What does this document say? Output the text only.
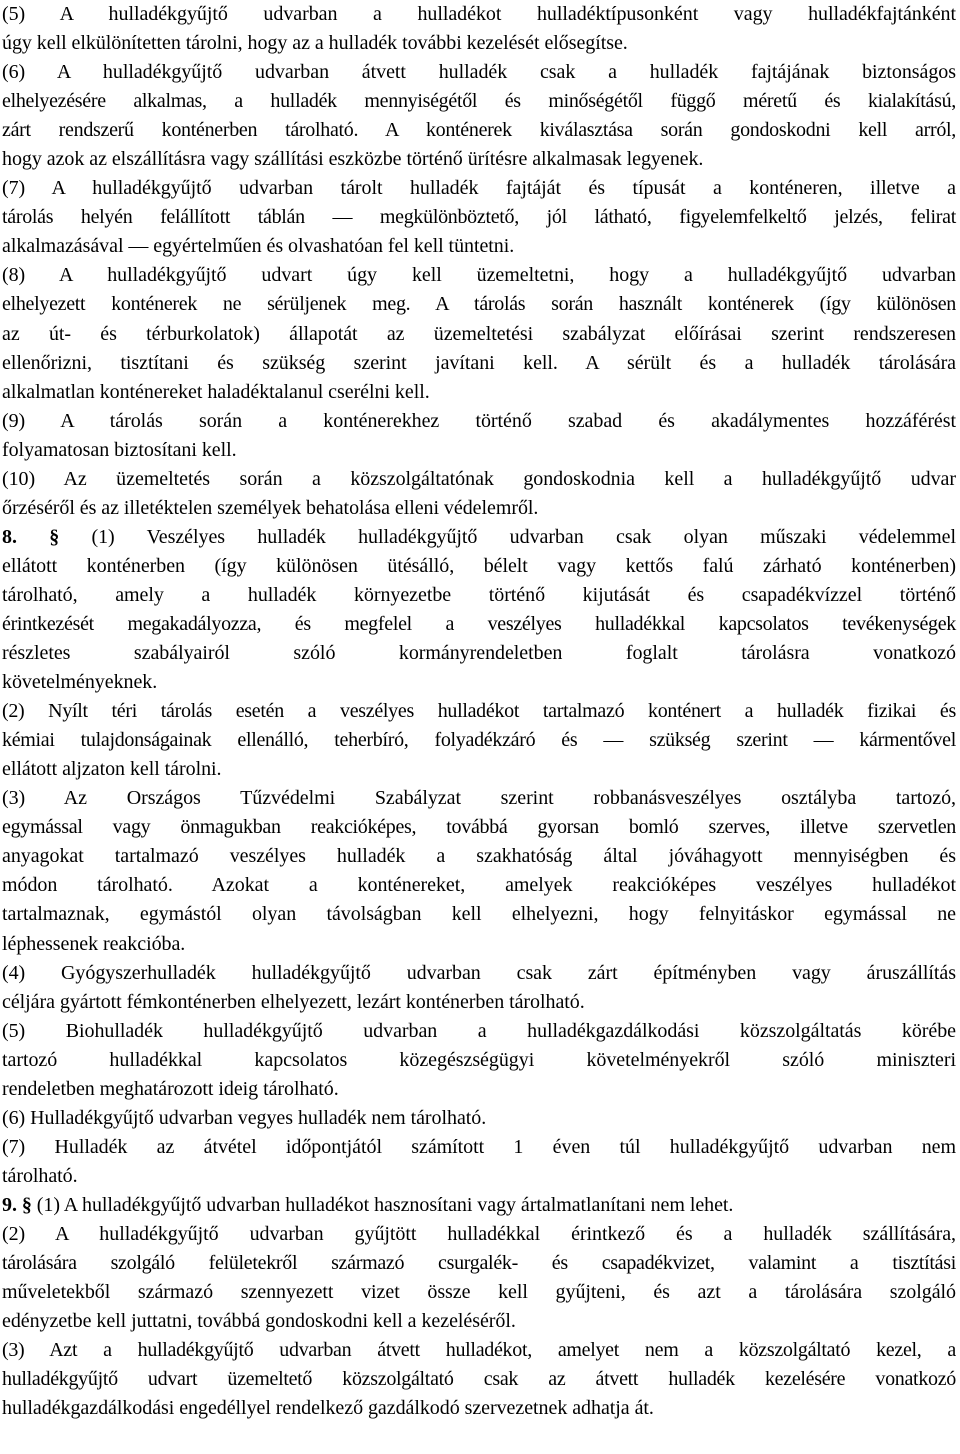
(5) A hulladékgyűjtő udvarban a hulladékot hulladéktípusonként vagy hulladékfajtánként
úgy kell elkülönítetten tárolni, hogy az a hulladék további kezelését elősegítse.
(6) A hulladékgyűjtő udvarban átvett hulladék csak a hulladék fajtájának biztonságos
elhelyezésére alkalmas, a hulladék mennyiségétől és minőségétől függő méretű és kialakítású,
zárt rendszerű konténerben tárolható. A konténerek kiválasztása során gondoskodni kell arról,
hogy azok az elszállításra vagy szállítási eszközbe történő ürítésre alkalmasak legyenek.
(7) A hulladékgyűjtő udvarban tárolt hulladék fajtáját és típusát a konténeren, illetve a
tárolás helyén felállított táblán — megkülönböztető, jól látható, figyelemfelkeltő jelzés, felirat
alkalmazásával — egyértelműen és olvashatóan fel kell tüntetni.
(8) A hulladékgyűjtő udvart úgy kell üzemeltetni, hogy a hulladékgyűjtő udvarban
elhelyezett konténerek ne sérüljenek meg. A tárolás során használt konténerek (így különösen
az út- és térburkolatok) állapotát az üzemeltetési szabályzat előírásai szerint rendszeresen
ellenőrizni, tisztítani és szükség szerint javítani kell. A sérült és a hulladék tárolására
alkalmatlan konténereket haladéktalanul cserélni kell.
(9) A tárolás során a konténerekhez történő szabad és akadálymentes hozzáférést
folyamatosan biztosítani kell.
(10) Az üzemeltetés során a közszolgáltatónak gondoskodnia kell a hulladékgyűjtő udvar
őrzéséről és az illetéktelen személyek behatolása elleni védelemről.
8. § (1) Veszélyes hulladék hulladékgyűjtő udvarban csak olyan műszaki védelemmel
ellátott konténerben (így különösen ütésálló, bélelt vagy kettős falú zárható konténerben)
tárolható, amely a hulladék környezetbe történő kijutását és csapadékvízzel történő
érintkezését megakadályozza, és megfelel a veszélyes hulladékkal kapcsolatos tevékenységek
részletes szabályairól szóló kormányrendeletben foglalt tárolásra vonatkozó
követelményeknek.
(2) Nyílt téri tárolás esetén a veszélyes hulladékot tartalmazó konténert a hulladék fizikai és
kémiai tulajdonságainak ellenálló, teherbíró, folyadékzáró és — szükség szerint — kármentővel
ellátott aljzaton kell tárolni.
(3) Az Országos Tűzvédelmi Szabályzat szerint robbanásveszélyes osztályba tartozó,
egymással vagy önmagukban reakcióképes, továbbá gyorsan bomló szerves, illetve szervetlen
anyagokat tartalmazó veszélyes hulladék a szakhatóság által jóváhagyott mennyiségben és
módon tárolható. Azokat a konténereket, amelyek reakcióképes veszélyes hulladékot
tartalmaznak, egymástól olyan távolságban kell elhelyezni, hogy felnyitáskor egymással ne
léphessenek reakcióba.
(4) Gyógyszerhulladék hulladékgyűjtő udvarban csak zárt építményben vagy áruszállítás
céljára gyártott fémkonténerben elhelyezett, lezárt konténerben tárolható.
(5) Biohulladék hulladékgyűjtő udvarban a hulladékgazdálkodási közszolgáltatás körébe
tartozó hulladékkal kapcsolatos közegészségügyi követelményekről szóló miniszteri
rendeletben meghatározott ideig tárolható.
(6) Hulladékgyűjtő udvarban vegyes hulladék nem tárolható.
(7) Hulladék az átvétel időpontjától számított 1 éven túl hulladékgyűjtő udvarban nem
tárolható.
9. § (1) A hulladékgyűjtő udvarban hulladékot hasznosítani vagy ártalmatlanítani nem lehet.
(2) A hulladékgyűjtő udvarban gyűjtött hulladékkal érintkező és a hulladék szállítására,
tárolására szolgáló felületekről származó csurgalék- és csapadékvizet, valamint a tisztítási
műveletekből származó szennyezett vizet össze kell gyűjteni, és azt a tárolására szolgáló
edényzetbe kell juttatni, továbbá gondoskodni kell a kezeléséről.
(3) Azt a hulladékgyűjtő udvarban átvett hulladékot, amelyet nem a közszolgáltató kezel, a
hulladékgyűjtő udvart üzemeltető közszolgáltató csak az átvett hulladék kezelésére vonatkozó
hulladékgazdálkodási engedéllyel rendelkező gazdálkodó szervezetnek adhatja át.
